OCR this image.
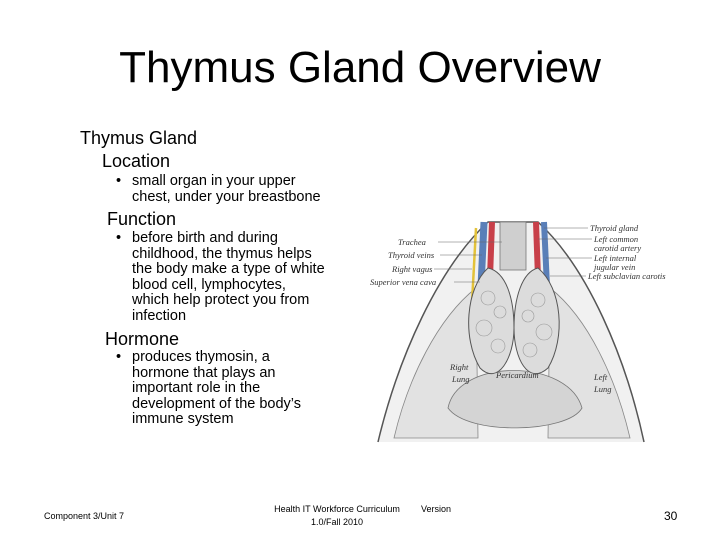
Thymus Gland Overview
Thymus Gland
Location
• small organ in your upper
chest, under your breastbone
Function
• before birth and during
childhood, the thymus helps
the body make a type of white
blood cell, lymphocytes,
which help protect you from
infection
Hormone
• produces thymosin, a
hormone that plays an
important role in the
development of the body’s
immune system
Trachea
Thyroid veins
Right vagus
Superior vena cava
Thyroid gland
Left common
carotid artery
Left internal
jugular vein
Left subclavian carotis
Right
Lung	Pericardium	Left
Lung
Component 3/Unit 7
Health IT Workforce Curriculum
1.0/Fall 2010
Version	30
